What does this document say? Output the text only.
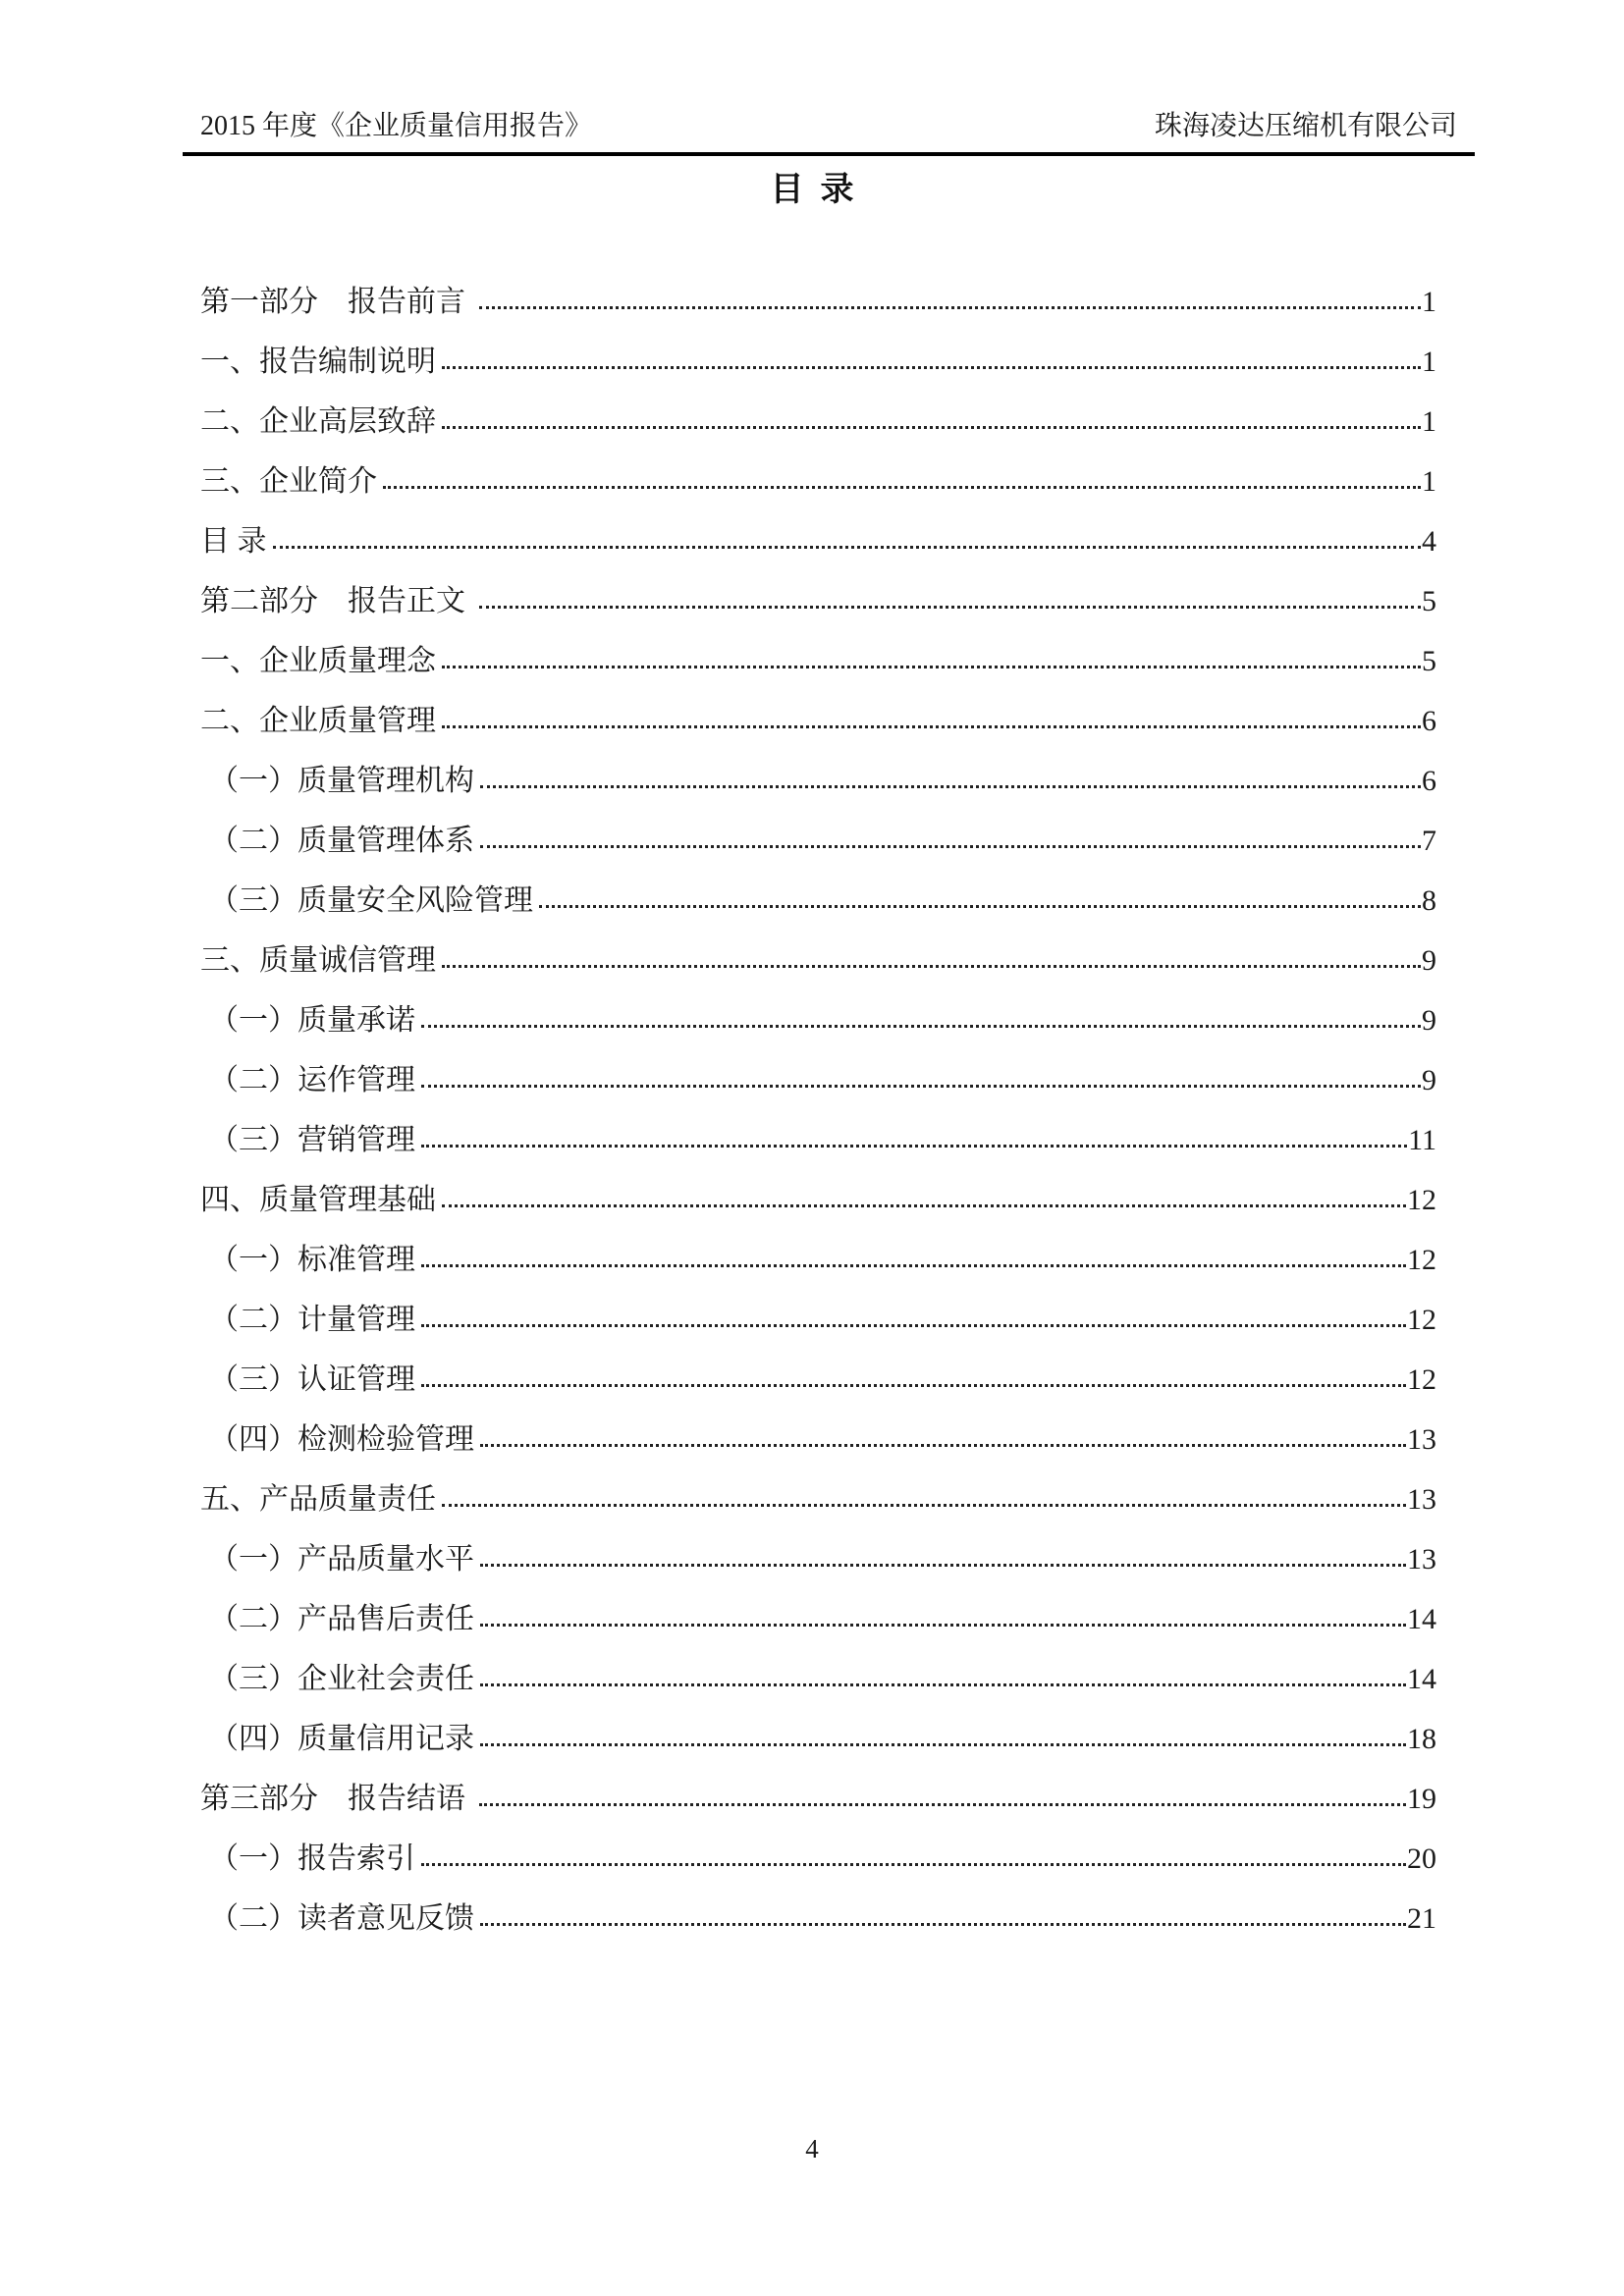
2015 年度《企业质量信用报告》	珠海凌达压缩机有限公司
目  录
第一部分　报告前言	1
一、报告编制说明	1
二、企业高层致辞	1
三、企业简介	1
目 录	4
第二部分　报告正文	5
一、企业质量理念	5
二、企业质量管理	6
（一）质量管理机构	6
（二）质量管理体系	7
（三）质量安全风险管理	8
三、质量诚信管理	9
（一）质量承诺	9
（二）运作管理	9
（三）营销管理	11
四、质量管理基础	12
（一）标准管理	12
（二）计量管理	12
（三）认证管理	12
（四）检测检验管理	13
五、产品质量责任	13
（一）产品质量水平	13
（二）产品售后责任	14
（三）企业社会责任	14
（四）质量信用记录	18
第三部分　报告结语	19
（一）报告索引	20
（二）读者意见反馈	21
4
